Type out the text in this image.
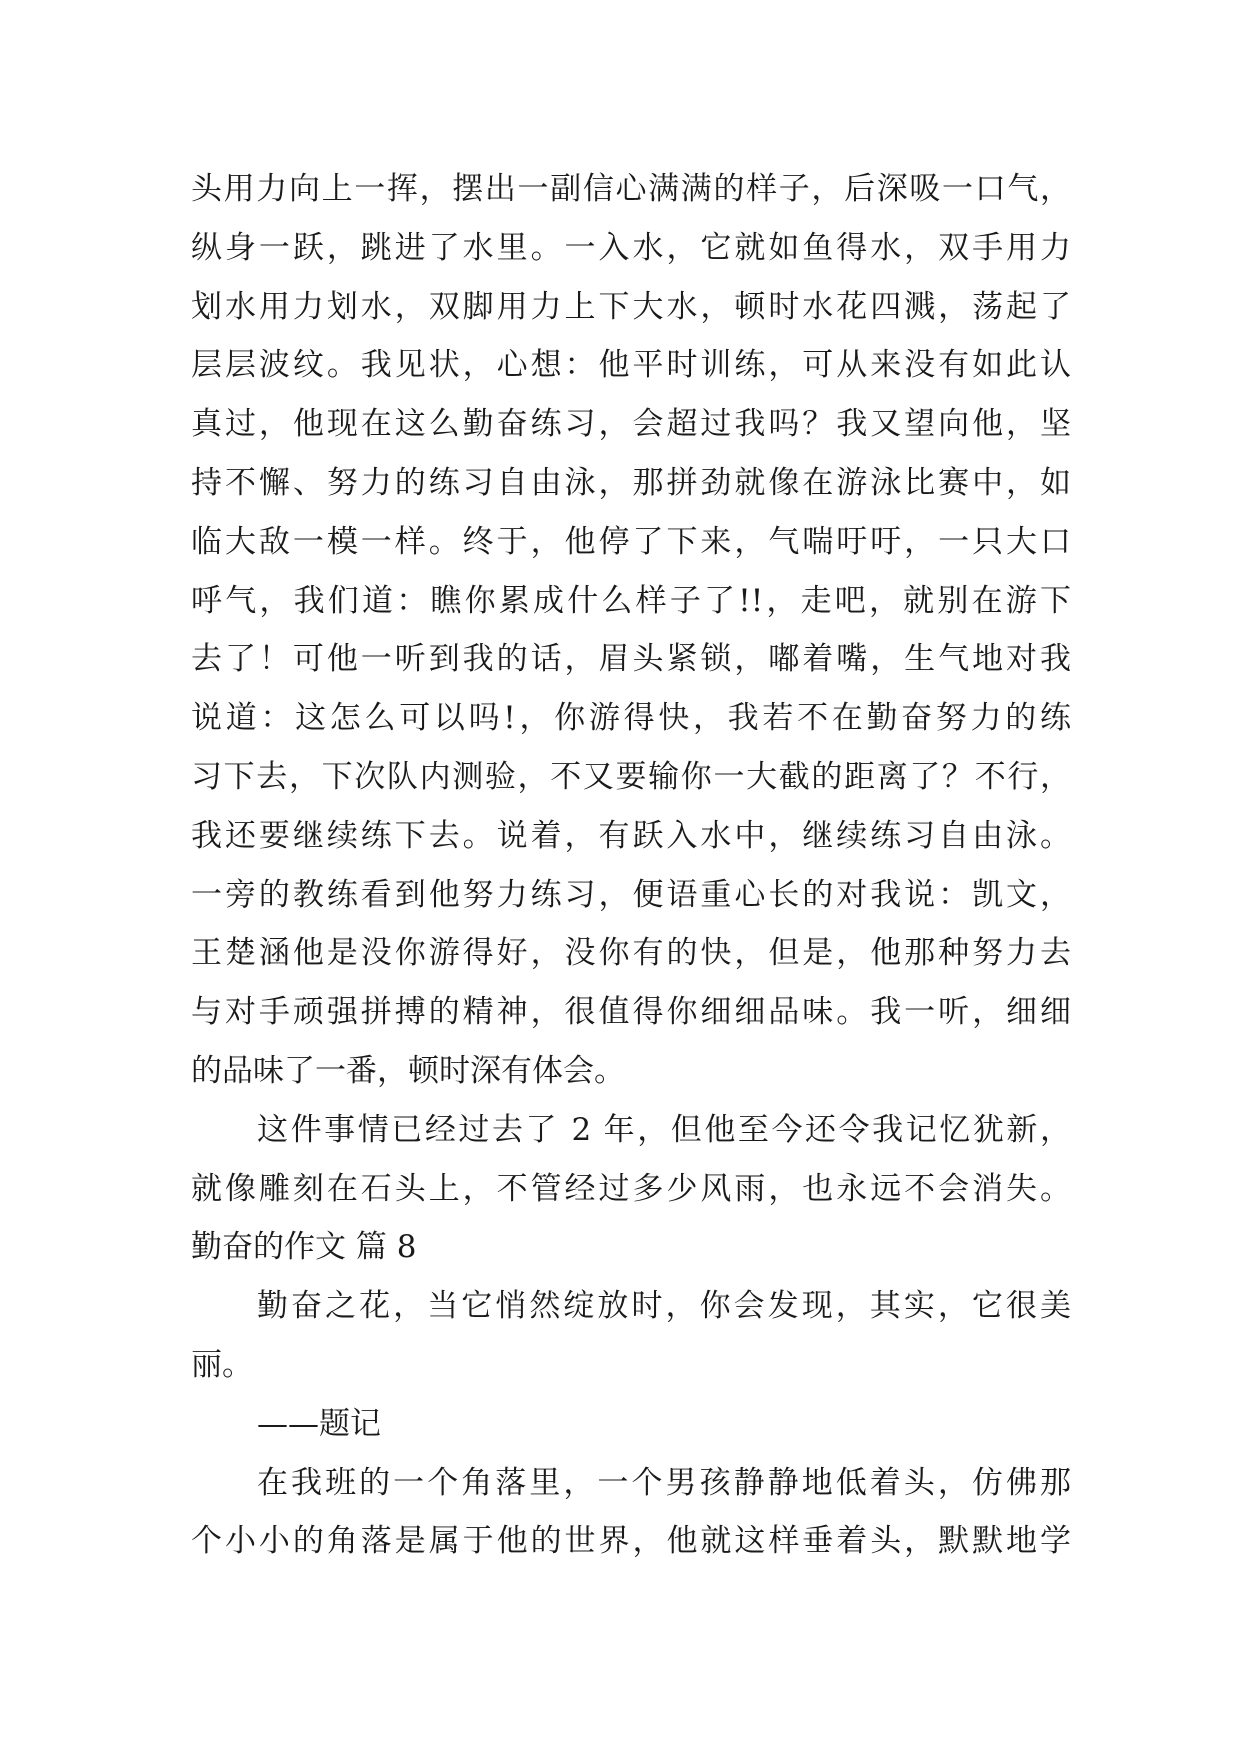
头用力向上一挥，摆出一副信心满满的样子，后深吸一口气，
纵身一跃，跳进了水里。一入水，它就如鱼得水，双手用力
划水用力划水，双脚用力上下大水，顿时水花四溅，荡起了
层层波纹。我见状，心想：他平时训练，可从来没有如此认
真过，他现在这么勤奋练习，会超过我吗？我又望向他，坚
持不懈、努力的练习自由泳，那拼劲就像在游泳比赛中，如
临大敌一模一样。终于，他停了下来，气喘吁吁，一只大口
呼气，我们道：瞧你累成什么样子了!!，走吧，就别在游下
去了！可他一听到我的话，眉头紧锁，嘟着嘴，生气地对我
说道：这怎么可以吗!，你游得快，我若不在勤奋努力的练
习下去，下次队内测验，不又要输你一大截的距离了？不行，
我还要继续练下去。说着，有跃入水中，继续练习自由泳。
一旁的教练看到他努力练习，便语重心长的对我说：凯文，
王楚涵他是没你游得好，没你有的快，但是，他那种努力去
与对手顽强拼搏的精神，很值得你细细品味。我一听，细细
的品味了一番，顿时深有体会。
这件事情已经过去了 2 年，但他至今还令我记忆犹新，
就像雕刻在石头上，不管经过多少风雨，也永远不会消失。
勤奋的作文 篇 8
勤奋之花，当它悄然绽放时，你会发现，其实，它很美
丽。
——题记
在我班的一个角落里，一个男孩静静地低着头，仿佛那
个小小的角落是属于他的世界，他就这样垂着头，默默地学
